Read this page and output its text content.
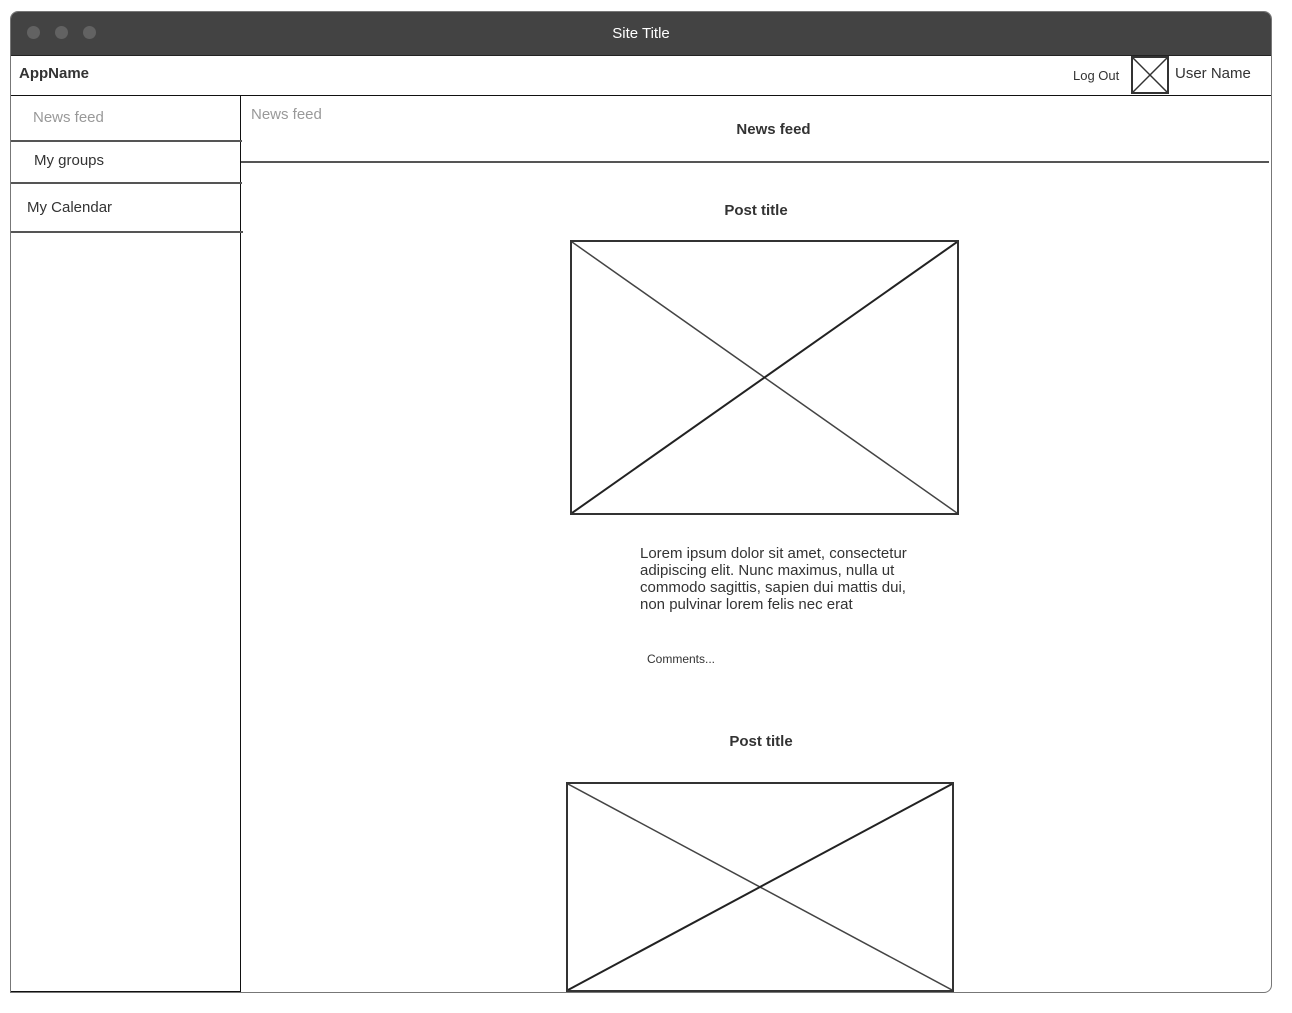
Site Title
AppName	Log Out	User Name
News feed
My groups
My Calendar
News feed
News feed
Post title
Lorem ipsum dolor sit amet, consectetur adipiscing elit. Nunc maximus, nulla ut commodo sagittis, sapien dui mattis dui, non pulvinar lorem felis nec erat
Comments...
Post title
